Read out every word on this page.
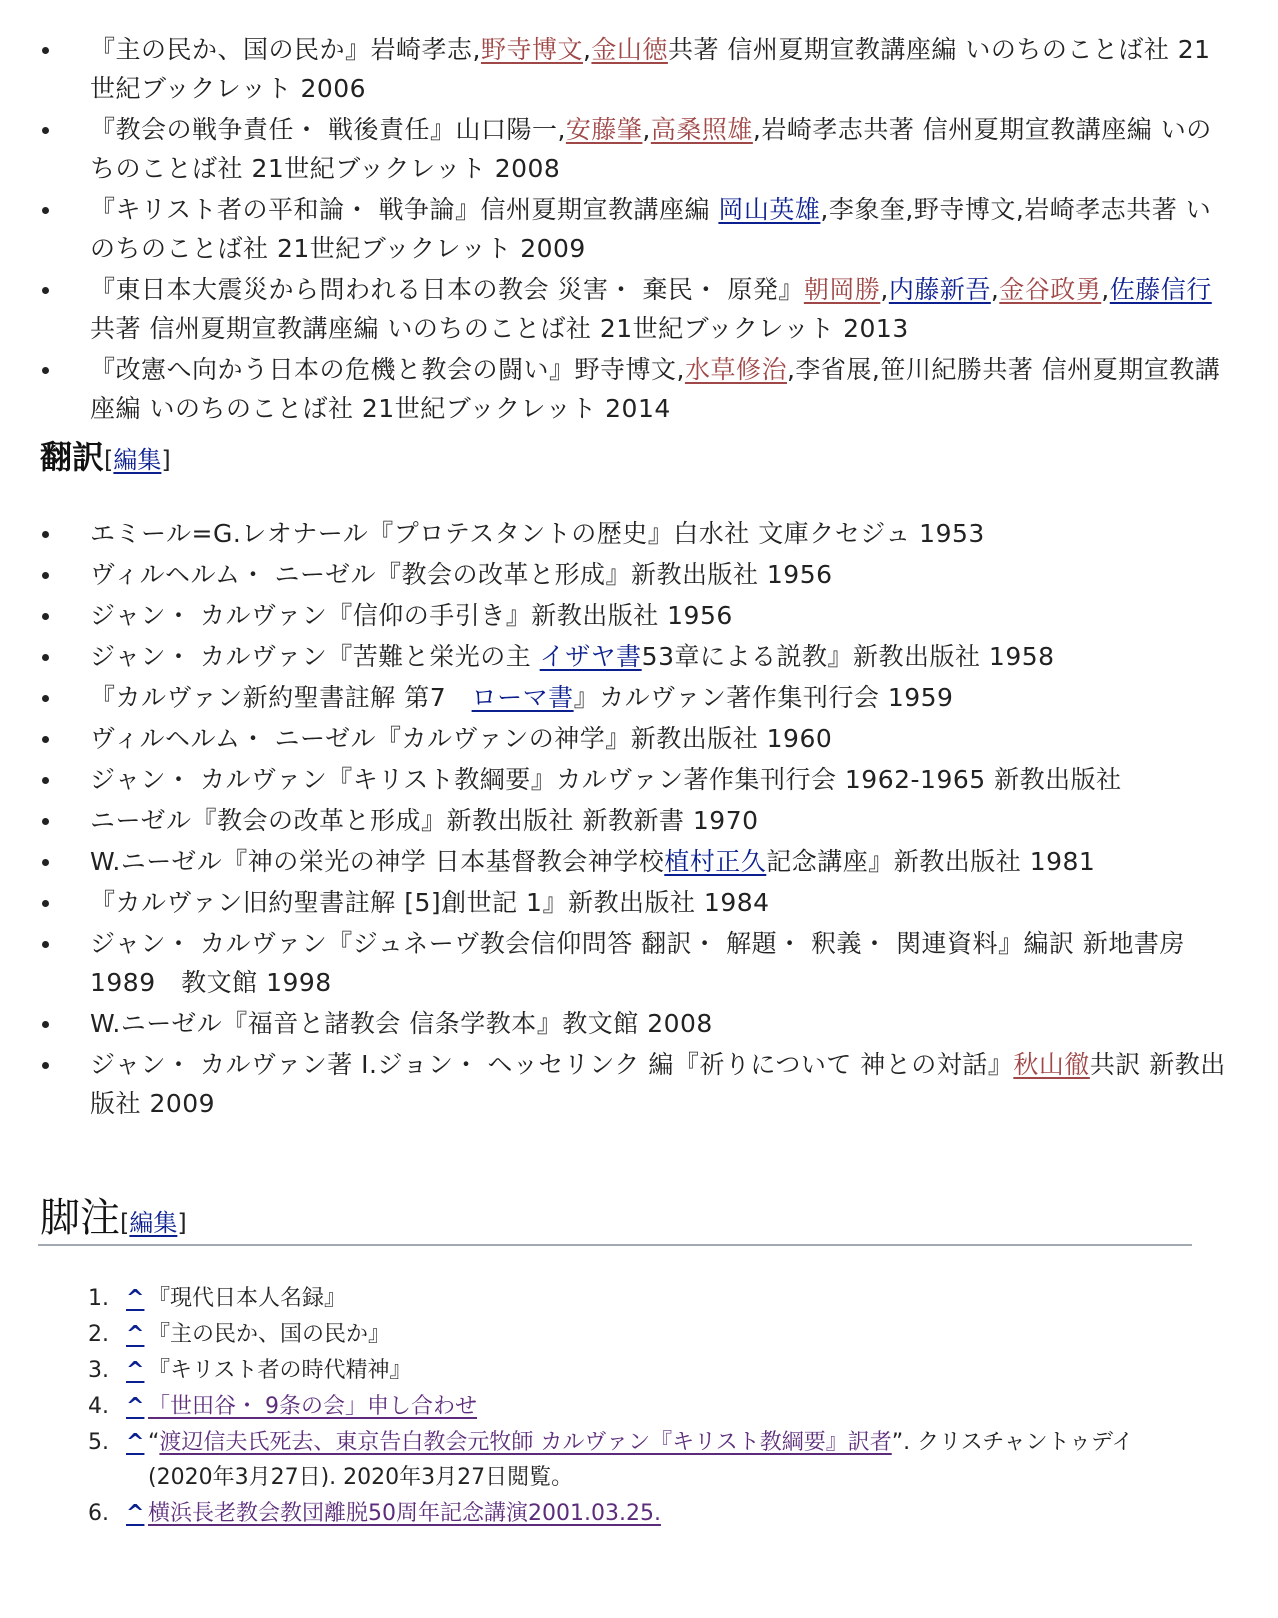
『主の民か、国の民か』岩崎孝志,野寺博文,金山徳共著 信州夏期宣教講座編 いのちのことば社 21世紀ブックレット 2006
『教会の戦争責任・ 戦後責任』山口陽一,安藤肇,高桑照雄,岩崎孝志共著 信州夏期宣教講座編 いのちのことば社 21世紀ブックレット 2008
『キリスト者の平和論・ 戦争論』信州夏期宣教講座編 岡山英雄,李象奎,野寺博文,岩崎孝志共著 いのちのことば社 21世紀ブックレット 2009
『東日本大震災から問われる日本の教会 災害・ 棄民・ 原発』朝岡勝,内藤新吾,金谷政勇,佐藤信行共著 信州夏期宣教講座編 いのちのことば社 21世紀ブックレット 2013
『改憲へ向かう日本の危機と教会の闘い』野寺博文,水草修治,李省展,笹川紀勝共著 信州夏期宣教講座編 いのちのことば社 21世紀ブックレット 2014
翻訳[編集]
エミール=G.レオナール『プロテスタントの歴史』白水社 文庫クセジュ 1953
ヴィルヘルム・ ニーゼル『教会の改革と形成』新教出版社 1956
ジャン・ カルヴァン『信仰の手引き』新教出版社 1956
ジャン・ カルヴァン『苦難と栄光の主 イザヤ書53章による説教』新教出版社 1958
『カルヴァン新約聖書註解 第7　ローマ書』カルヴァン著作集刊行会 1959
ヴィルヘルム・ ニーゼル『カルヴァンの神学』新教出版社 1960
ジャン・ カルヴァン『キリスト教綱要』カルヴァン著作集刊行会 1962-1965 新教出版社
ニーゼル『教会の改革と形成』新教出版社 新教新書 1970
W.ニーゼル『神の栄光の神学 日本基督教会神学校植村正久記念講座』新教出版社 1981
『カルヴァン旧約聖書註解 [5]創世記 1』新教出版社 1984
ジャン・ カルヴァン『ジュネーヴ教会信仰問答 翻訳・ 解題・ 釈義・ 関連資料』編訳 新地書房 1989　教文館 1998
W.ニーゼル『福音と諸教会 信条学教本』教文館 2008
ジャン・ カルヴァン著 I.ジョン・ ヘッセリンク 編『祈りについて 神との対話』秋山徹共訳 新教出版社 2009
脚注[編集]
1. ^ 『現代日本人名録』
2. ^ 『主の民か、国の民か』
3. ^ 『キリスト者の時代精神』
4. ^ 「世田谷・ 9条の会」申し合わせ
5. ^ “渡辺信夫氏死去、東京告白教会元牧師 カルヴァン『キリスト教綱要』訳者”. クリスチャントゥデイ (2020年3月27日). 2020年3月27日閲覧。
6. ^ 横浜長老教会教団離脱50周年記念講演2001.03.25.
